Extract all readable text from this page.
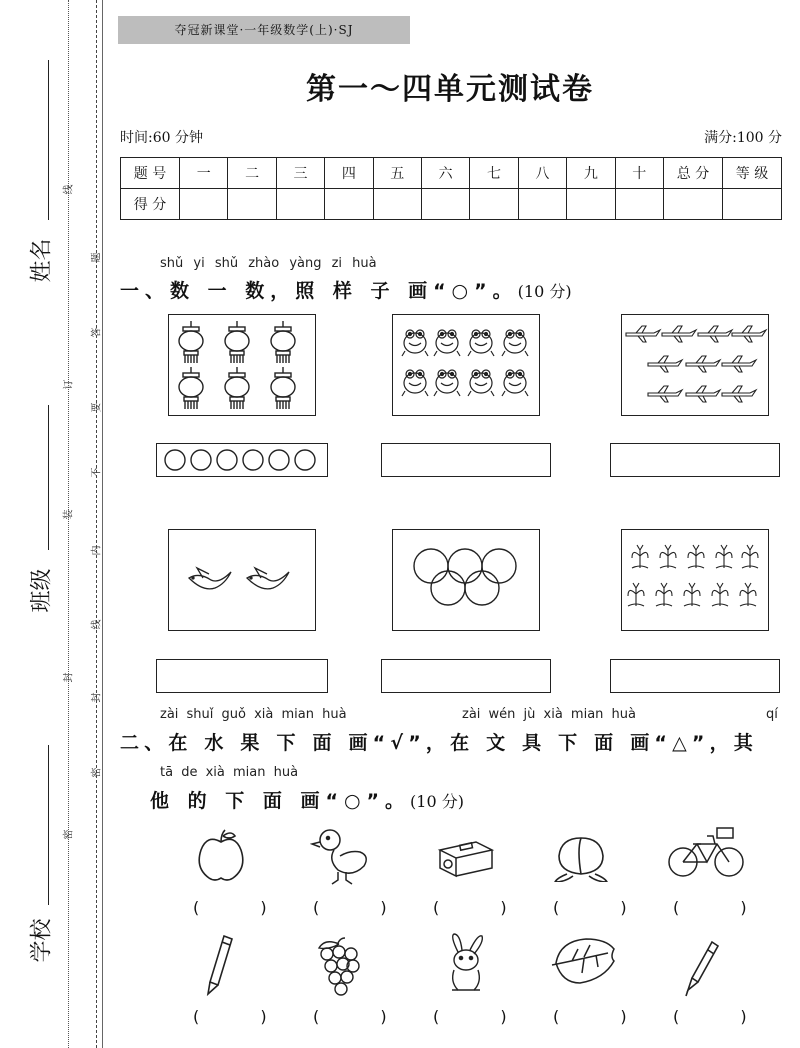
姓名
班级
学校
线
订
装
封
密
题
答
要
不
内
线
封
密
夺冠新课堂·一年级数学(上)·SJ
第一～四单元测试卷
时间:60 分钟	满分:100 分
题 号	一	二	三	四	五	六	七	八	九	十	总 分	等 级
得 分												
shǔ yi shǔ zhào yàng zi huà
一、数 一 数，照 样 子 画“○”。(10 分)
zài shuǐ guǒ xià mian huà	zài wén jù xià mian huà	qí
二、在 水 果 下 面 画“√”，在 文 具 下 面 画“△”，其
tā de xià mian huà
他 的 下 面 画“○”。(10 分)
( ) ( ) ( ) ( ) ( )
( ) ( ) ( ) ( ) ( )
